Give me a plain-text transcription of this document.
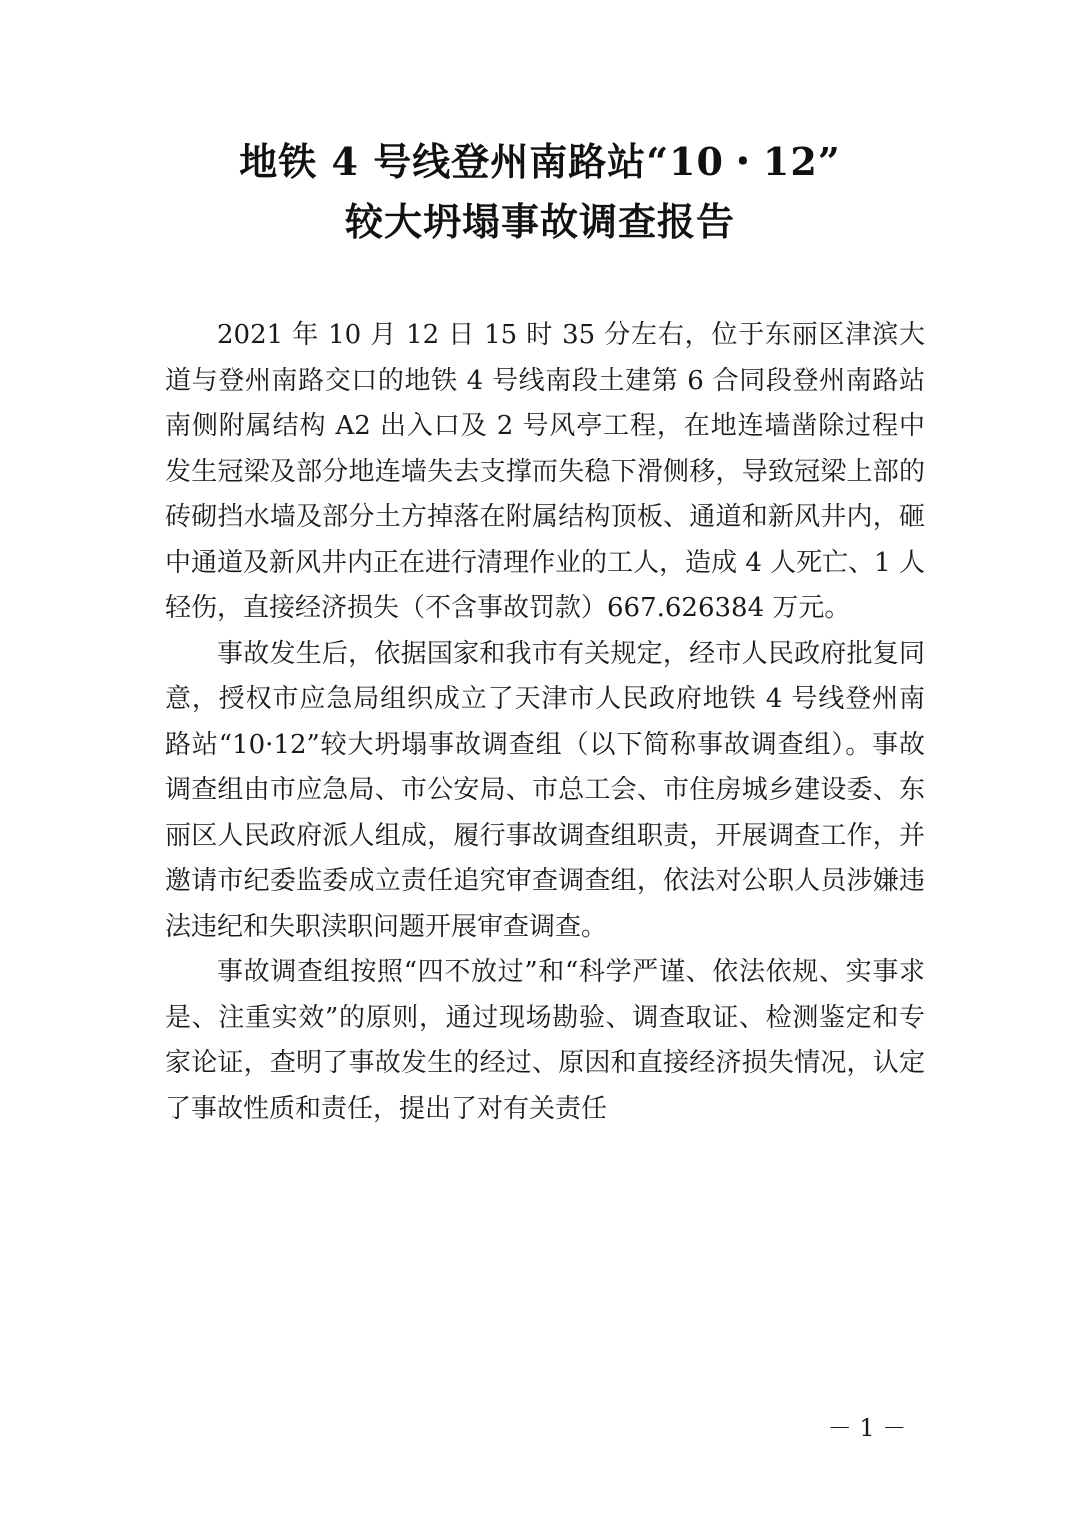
地铁 4 号线登州南路站“10・12”
较大坍塌事故调查报告

2021 年 10 月 12 日 15 时 35 分左右，位于东丽区津滨大道与登州南路交口的地铁 4 号线南段土建第 6 合同段登州南路站南侧附属结构 A2 出入口及 2 号风亭工程，在地连墙凿除过程中发生冠梁及部分地连墙失去支撑而失稳下滑侧移，导致冠梁上部的砖砌挡水墙及部分土方掉落在附属结构顶板、通道和新风井内，砸中通道及新风井内正在进行清理作业的工人，造成 4 人死亡、1 人轻伤，直接经济损失（不含事故罚款）667.626384 万元。

事故发生后，依据国家和我市有关规定，经市人民政府批复同意，授权市应急局组织成立了天津市人民政府地铁 4 号线登州南路站“10·12”较大坍塌事故调查组（以下简称事故调查组）。事故调查组由市应急局、市公安局、市总工会、市住房城乡建设委、东丽区人民政府派人组成，履行事故调查组职责，开展调查工作，并邀请市纪委监委成立责任追究审查调查组，依法对公职人员涉嫌违法违纪和失职渎职问题开展审查调查。

事故调查组按照“四不放过”和“科学严谨、依法依规、实事求是、注重实效”的原则，通过现场勘验、调查取证、检测鉴定和专家论证，查明了事故发生的经过、原因和直接经济损失情况，认定了事故性质和责任，提出了对有关责任

－ 1 －
